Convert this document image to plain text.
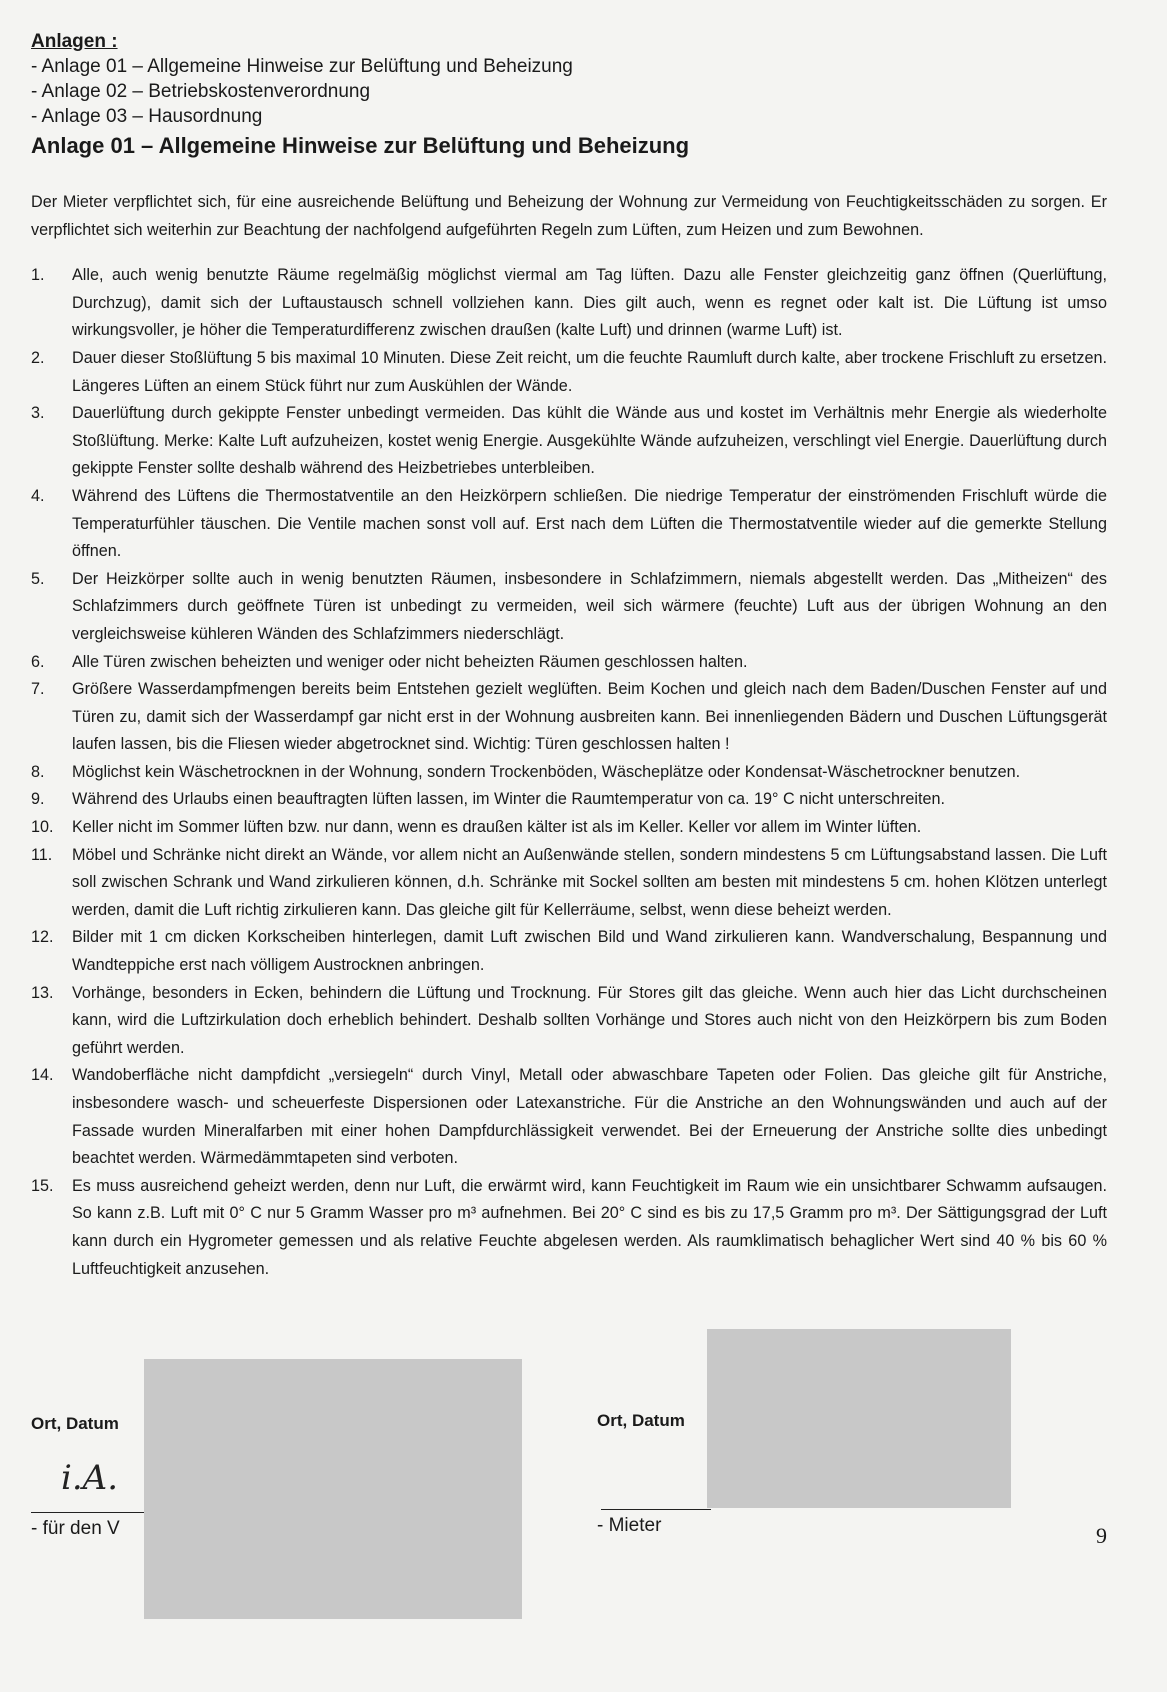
Anlagen :
- Anlage 01 – Allgemeine Hinweise zur Belüftung und Beheizung
- Anlage 02 – Betriebskostenverordnung
- Anlage 03 – Hausordnung
Anlage 01 – Allgemeine Hinweise zur Belüftung und Beheizung

Der Mieter verpflichtet sich, für eine ausreichende Belüftung und Beheizung der Wohnung zur Vermeidung von Feuchtigkeitsschäden zu sorgen. Er verpflichtet sich weiterhin zur Beachtung der nachfolgend aufgeführten Regeln zum Lüften, zum Heizen und zum Bewohnen.

1.	Alle, auch wenig benutzte Räume regelmäßig möglichst viermal am Tag lüften. Dazu alle Fenster gleichzeitig ganz öffnen (Querlüftung, Durchzug), damit sich der Luftaustausch schnell vollziehen kann. Dies gilt auch, wenn es regnet oder kalt ist. Die Lüftung ist umso wirkungsvoller, je höher die Temperaturdifferenz zwischen draußen (kalte Luft) und drinnen (warme Luft) ist.
2.	Dauer dieser Stoßlüftung 5 bis maximal 10 Minuten. Diese Zeit reicht, um die feuchte Raumluft durch kalte, aber trockene Frischluft zu ersetzen. Längeres Lüften an einem Stück führt nur zum Auskühlen der Wände.
3.	Dauerlüftung durch gekippte Fenster unbedingt vermeiden. Das kühlt die Wände aus und kostet im Verhältnis mehr Energie als wiederholte Stoßlüftung. Merke: Kalte Luft aufzuheizen, kostet wenig Energie. Ausgekühlte Wände aufzuheizen, verschlingt viel Energie. Dauerlüftung durch gekippte Fenster sollte deshalb während des Heizbetriebes unterbleiben.
4.	Während des Lüftens die Thermostatventile an den Heizkörpern schließen. Die niedrige Temperatur der einströmenden Frischluft würde die Temperaturfühler täuschen. Die Ventile machen sonst voll auf. Erst nach dem Lüften die Thermostatventile wieder auf die gemerkte Stellung öffnen.
5.	Der Heizkörper sollte auch in wenig benutzten Räumen, insbesondere in Schlafzimmern, niemals abgestellt werden. Das „Mitheizen“ des Schlafzimmers durch geöffnete Türen ist unbedingt zu vermeiden, weil sich wärmere (feuchte) Luft aus der übrigen Wohnung an den vergleichsweise kühleren Wänden des Schlafzimmers niederschlägt.
6.	Alle Türen zwischen beheizten und weniger oder nicht beheizten Räumen geschlossen halten.
7.	Größere Wasserdampfmengen bereits beim Entstehen gezielt weglüften. Beim Kochen und gleich nach dem Baden/Duschen Fenster auf und Türen zu, damit sich der Wasserdampf gar nicht erst in der Wohnung ausbreiten kann. Bei innenliegenden Bädern und Duschen Lüftungsgerät laufen lassen, bis die Fliesen wieder abgetrocknet sind. Wichtig: Türen geschlossen halten !
8.	Möglichst kein Wäschetrocknen in der Wohnung, sondern Trockenböden, Wäscheplätze oder Kondensat-Wäschetrockner benutzen.
9.	Während des Urlaubs einen beauftragten lüften lassen, im Winter die Raumtemperatur von ca. 19° C nicht unterschreiten.
10.	Keller nicht im Sommer lüften bzw. nur dann, wenn es draußen kälter ist als im Keller. Keller vor allem im Winter lüften.
11.	Möbel und Schränke nicht direkt an Wände, vor allem nicht an Außenwände stellen, sondern mindestens 5 cm Lüftungsabstand lassen. Die Luft soll zwischen Schrank und Wand zirkulieren können, d.h. Schränke mit Sockel sollten am besten mit mindestens 5 cm. hohen Klötzen unterlegt werden, damit die Luft richtig zirkulieren kann. Das gleiche gilt für Kellerräume, selbst, wenn diese beheizt werden.
12.	Bilder mit 1 cm dicken Korkscheiben hinterlegen, damit Luft zwischen Bild und Wand zirkulieren kann. Wandverschalung, Bespannung und Wandteppiche erst nach völligem Austrocknen anbringen.
13.	Vorhänge, besonders in Ecken, behindern die Lüftung und Trocknung. Für Stores gilt das gleiche. Wenn auch hier das Licht durchscheinen kann, wird die Luftzirkulation doch erheblich behindert. Deshalb sollten Vorhänge und Stores auch nicht von den Heizkörpern bis zum Boden geführt werden.
14.	Wandoberfläche nicht dampfdicht „versiegeln“ durch Vinyl, Metall oder abwaschbare Tapeten oder Folien. Das gleiche gilt für Anstriche, insbesondere wasch- und scheuerfeste Dispersionen oder Latexanstriche. Für die Anstriche an den Wohnungswänden und auch auf der Fassade wurden Mineralfarben mit einer hohen Dampfdurchlässigkeit verwendet. Bei der Erneuerung der Anstriche sollte dies unbedingt beachtet werden. Wärmedämmtapeten sind verboten.
15.	Es muss ausreichend geheizt werden, denn nur Luft, die erwärmt wird, kann Feuchtigkeit im Raum wie ein unsichtbarer Schwamm aufsaugen. So kann z.B. Luft mit 0° C nur 5 Gramm Wasser pro m³ aufnehmen. Bei 20° C sind es bis zu 17,5 Gramm pro m³. Der Sättigungsgrad der Luft kann durch ein Hygrometer gemessen und als relative Feuchte abgelesen werden. Als raumklimatisch behaglicher Wert sind 40 % bis 60 % Luftfeuchtigkeit anzusehen.
Ort, Datum
i.A.
- für den V
Ort, Datum
- Mieter	9
